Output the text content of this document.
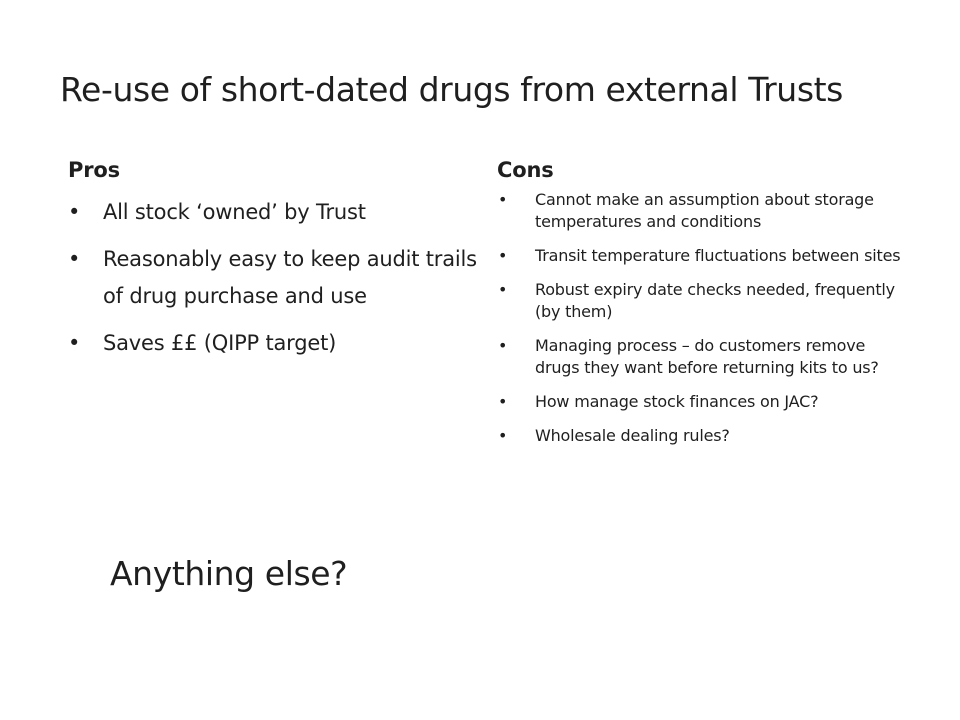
Re-use of short-dated drugs from external Trusts
Pros
• All stock ‘owned’ by Trust
• Reasonably easy to keep audit trails of drug purchase and use
• Saves ££ (QIPP target)
Cons
• Cannot make an assumption about storage temperatures and conditions
• Transit temperature fluctuations between sites
• Robust expiry date checks needed, frequently (by them)
• Managing process – do customers remove drugs they want before returning kits to us?
• How manage stock finances on JAC?
• Wholesale dealing rules?
Anything else?
